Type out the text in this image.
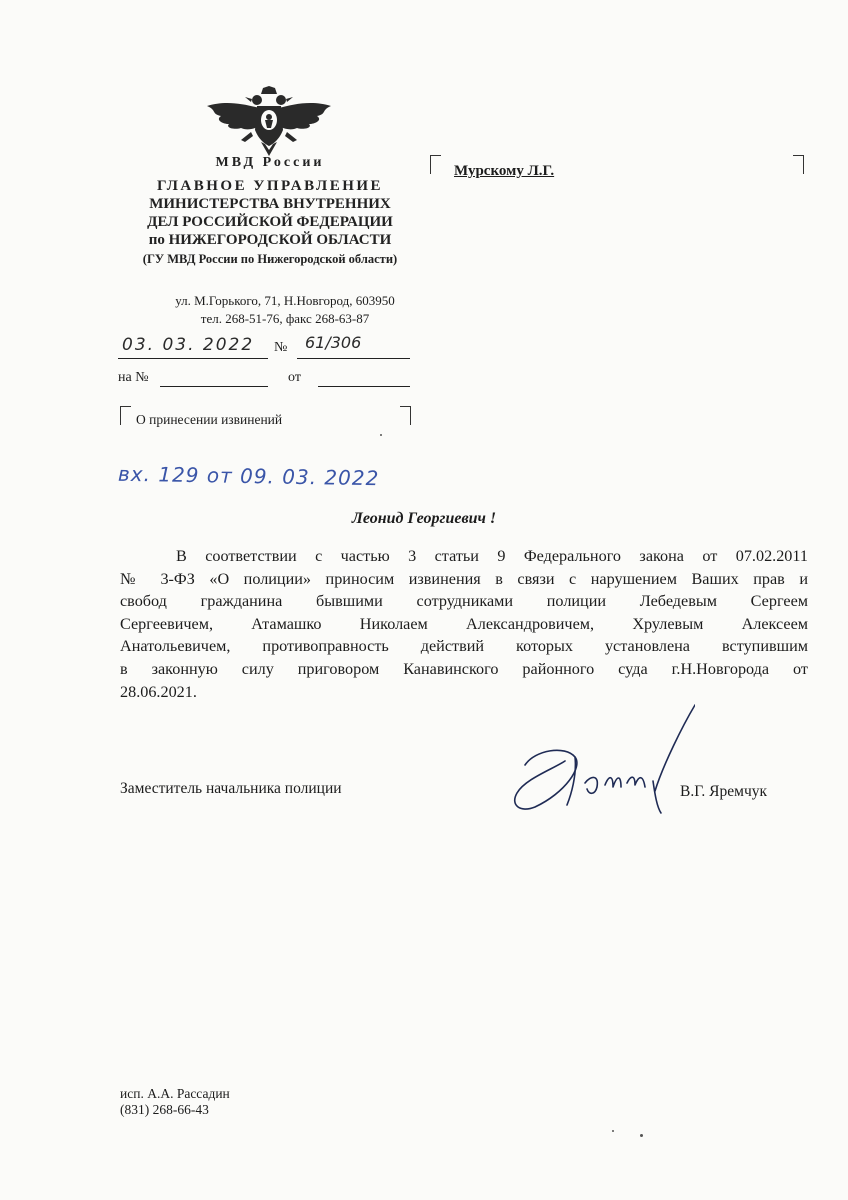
МВД России
ГЛАВНОЕ УПРАВЛЕНИЕ
МИНИСТЕРСТВА ВНУТРЕННИХ
ДЕЛ РОССИЙСКОЙ ФЕДЕРАЦИИ
по НИЖЕГОРОДСКОЙ ОБЛАСТИ
(ГУ МВД России по Нижегородской области)
ул. М.Горького, 71, Н.Новгород, 603950
тел. 268-51-76, факс 268-63-87
03. 03. 2022 № 61/306
на №	от
О принесении извинений
вх. 129 от 09. 03. 2022
Мурскому Л.Г.
Леонид Георгиевич !
В соответствии с частью 3 статьи 9 Федерального закона от 07.02.2011
№ 3-ФЗ «О полиции» приносим извинения в связи с нарушением Ваших прав и
свобод гражданина бывшими сотрудниками полиции Лебедевым Сергеем
Сергеевичем, Атамашко Николаем Александровичем, Хрулевым Алексеем
Анатольевичем, противоправность действий которых установлена вступившим
в законную силу приговором Канавинского районного суда г.Н.Новгорода от
28.06.2021.
Заместитель начальника полиции	В.Г. Яремчук
исп. А.А. Рассадин
(831) 268-66-43
